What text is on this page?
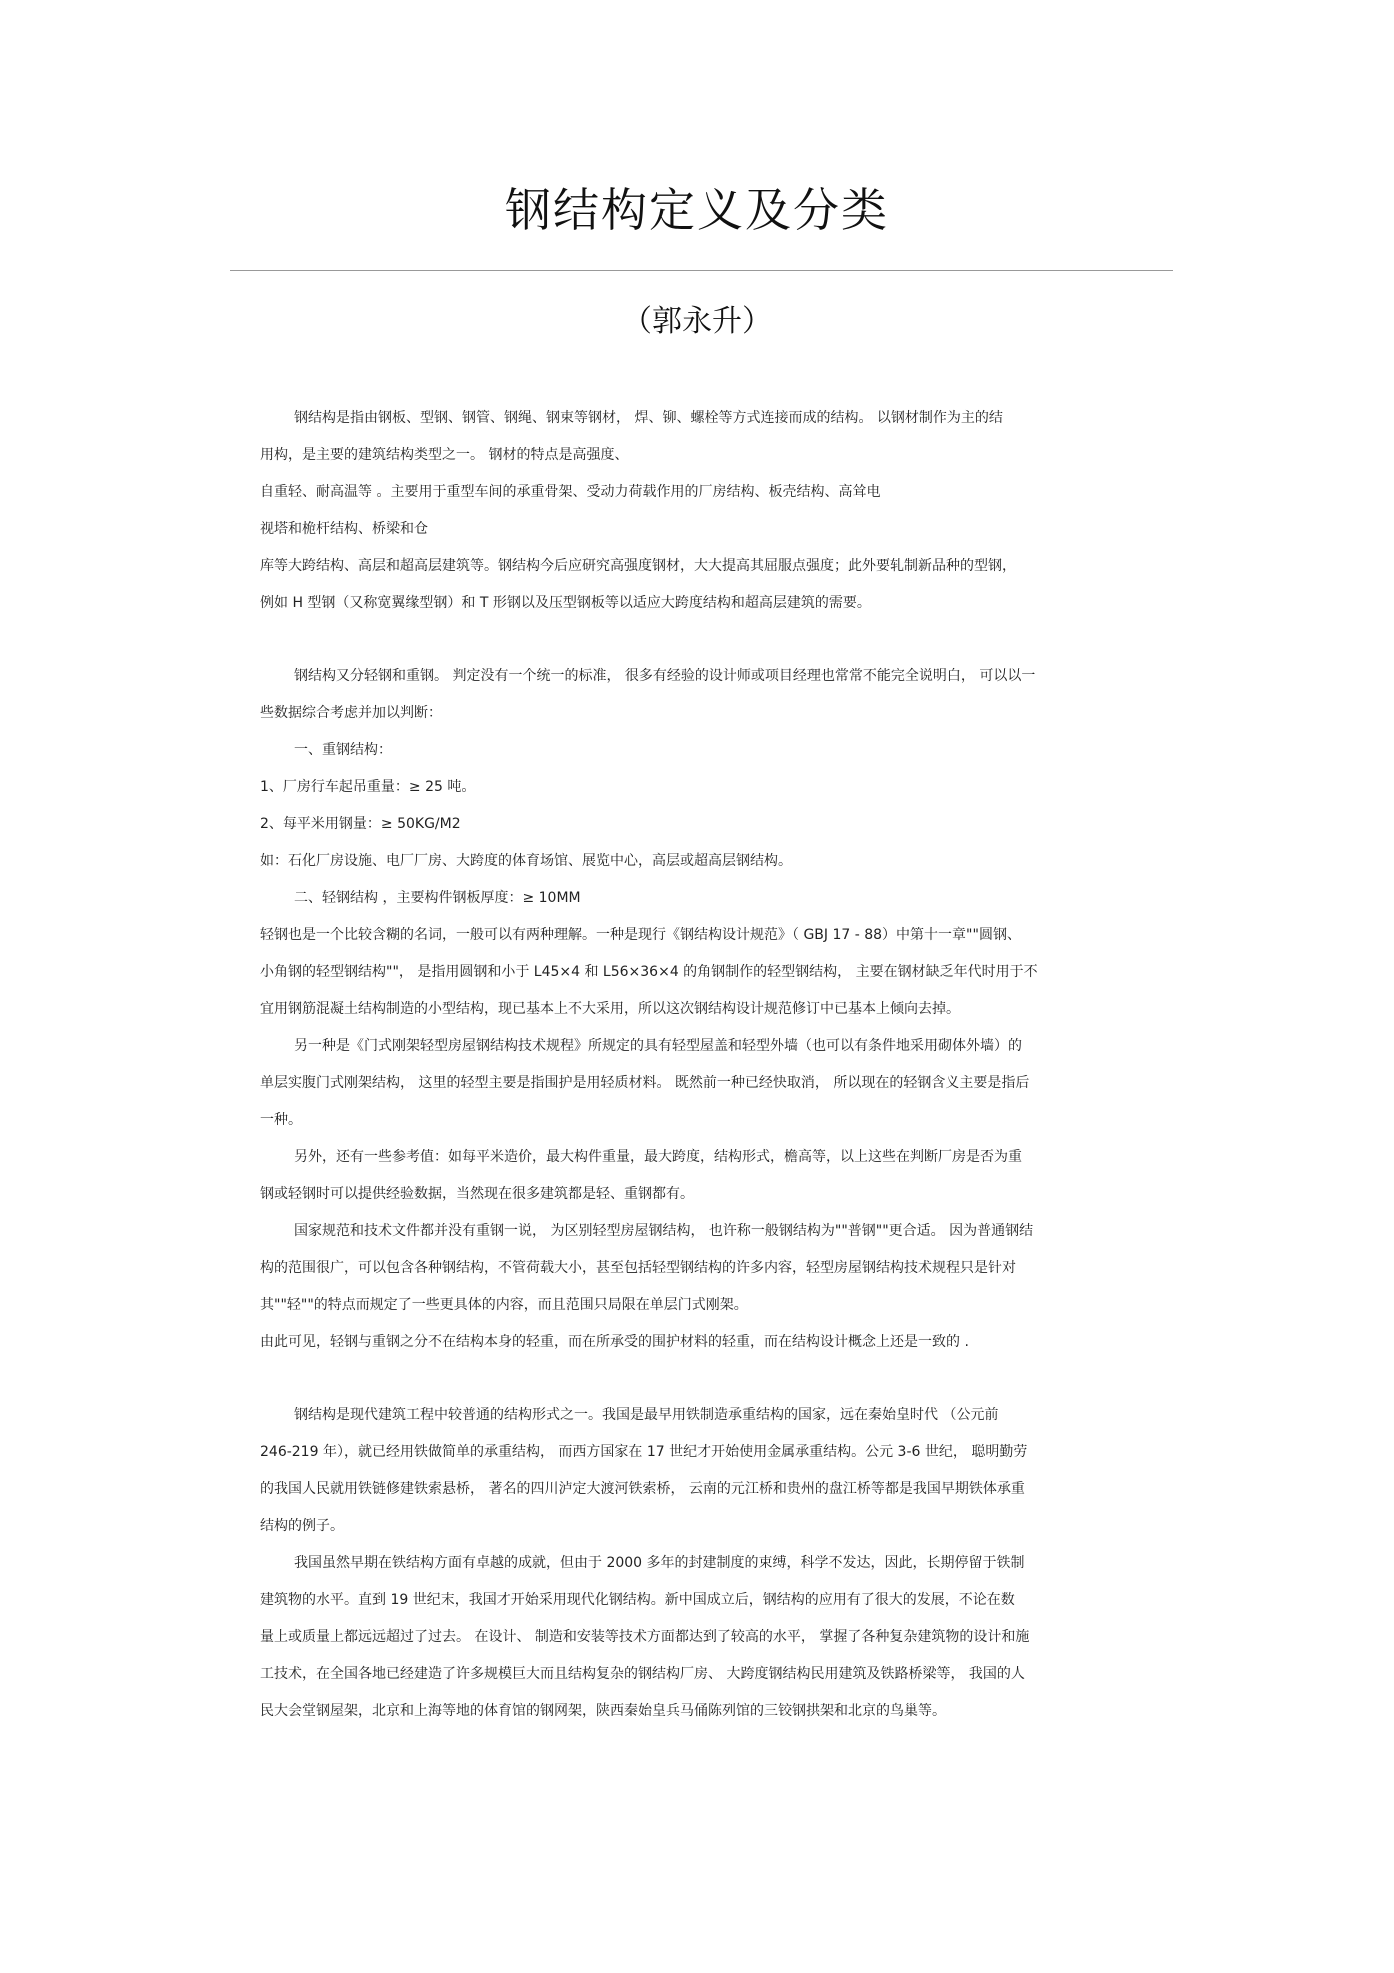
钢结构定义及分类
（郭永升）
钢结构是指由钢板、型钢、钢管、钢绳、钢束等钢材， 焊、铆、螺栓等方式连接而成的结构。 以钢材制作为主的结
用构，是主要的建筑结构类型之一。 钢材的特点是高强度、
自重轻、耐高温等 。主要用于重型车间的承重骨架、受动力荷载作用的厂房结构、板壳结构、高耸电
视塔和桅杆结构、桥梁和仓
库等大跨结构、高层和超高层建筑等。钢结构今后应研究高强度钢材，大大提高其屈服点强度；此外要轧制新品种的型钢，
例如 H 型钢（又称宽翼缘型钢）和 T 形钢以及压型钢板等以适应大跨度结构和超高层建筑的需要。
钢结构又分轻钢和重钢。 判定没有一个统一的标准， 很多有经验的设计师或项目经理也常常不能完全说明白， 可以以一
些数据综合考虑并加以判断：
一、重钢结构：
1、厂房行车起吊重量：≥ 25 吨。
2、每平米用钢量：≥ 50KG/M2
如：石化厂房设施、电厂厂房、大跨度的体育场馆、展览中心，高层或超高层钢结构。
二、轻钢结构 ，主要构件钢板厚度：≥ 10MM
轻钢也是一个比较含糊的名词，一般可以有两种理解。一种是现行《钢结构设计规范》（ GBJ 17 - 88）中第十一章""圆钢、
小角钢的轻型钢结构""， 是指用圆钢和小于 L45×4 和 L56×36×4 的角钢制作的轻型钢结构， 主要在钢材缺乏年代时用于不
宜用钢筋混凝土结构制造的小型结构，现已基本上不大采用，所以这次钢结构设计规范修订中已基本上倾向去掉。
另一种是《门式刚架轻型房屋钢结构技术规程》所规定的具有轻型屋盖和轻型外墙（也可以有条件地采用砌体外墙）的
单层实腹门式刚架结构， 这里的轻型主要是指围护是用轻质材料。 既然前一种已经快取消， 所以现在的轻钢含义主要是指后
一种。
另外，还有一些参考值：如每平米造价，最大构件重量，最大跨度，结构形式，檐高等，以上这些在判断厂房是否为重
钢或轻钢时可以提供经验数据，当然现在很多建筑都是轻、重钢都有。
国家规范和技术文件都并没有重钢一说， 为区别轻型房屋钢结构， 也许称一般钢结构为""普钢""更合适。 因为普通钢结
构的范围很广，可以包含各种钢结构，不管荷载大小，甚至包括轻型钢结构的许多内容，轻型房屋钢结构技术规程只是针对
其""轻""的特点而规定了一些更具体的内容，而且范围只局限在单层门式刚架。
由此可见，轻钢与重钢之分不在结构本身的轻重，而在所承受的围护材料的轻重，而在结构设计概念上还是一致的 .
钢结构是现代建筑工程中较普通的结构形式之一。我国是最早用铁制造承重结构的国家，远在秦始皇时代 （公元前
246-219 年），就已经用铁做简单的承重结构， 而西方国家在 17 世纪才开始使用金属承重结构。公元 3-6 世纪， 聪明勤劳
的我国人民就用铁链修建铁索悬桥， 著名的四川泸定大渡河铁索桥， 云南的元江桥和贵州的盘江桥等都是我国早期铁体承重
结构的例子。
我国虽然早期在铁结构方面有卓越的成就，但由于 2000 多年的封建制度的束缚，科学不发达，因此，长期停留于铁制
建筑物的水平。直到 19 世纪末，我国才开始采用现代化钢结构。新中国成立后，钢结构的应用有了很大的发展，不论在数
量上或质量上都远远超过了过去。 在设计、 制造和安装等技术方面都达到了较高的水平， 掌握了各种复杂建筑物的设计和施
工技术，在全国各地已经建造了许多规模巨大而且结构复杂的钢结构厂房、 大跨度钢结构民用建筑及铁路桥梁等， 我国的人
民大会堂钢屋架，北京和上海等地的体育馆的钢网架，陕西秦始皇兵马俑陈列馆的三铰钢拱架和北京的鸟巢等。
